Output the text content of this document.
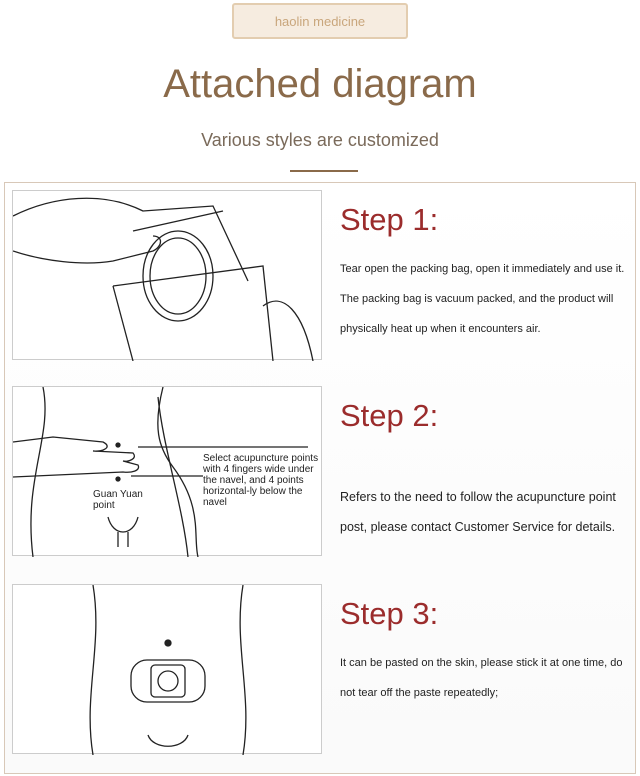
haolin medicine
Attached diagram
Various styles are customized
Step 1:
Tear open the packing bag, open it immediately and use it. The packing bag is vacuum packed, and the product will physically heat up when it encounters air.
Select acupuncture points with 4 fingers wide under the navel, and 4 points horizontal-ly below the navel
Guan Yuan point
Step 2:
Refers to the need to follow the acupuncture point post, please contact Customer Service for details.
Step 3:
It can be pasted on the skin, please stick it at one time, do not tear off the paste repeatedly;
